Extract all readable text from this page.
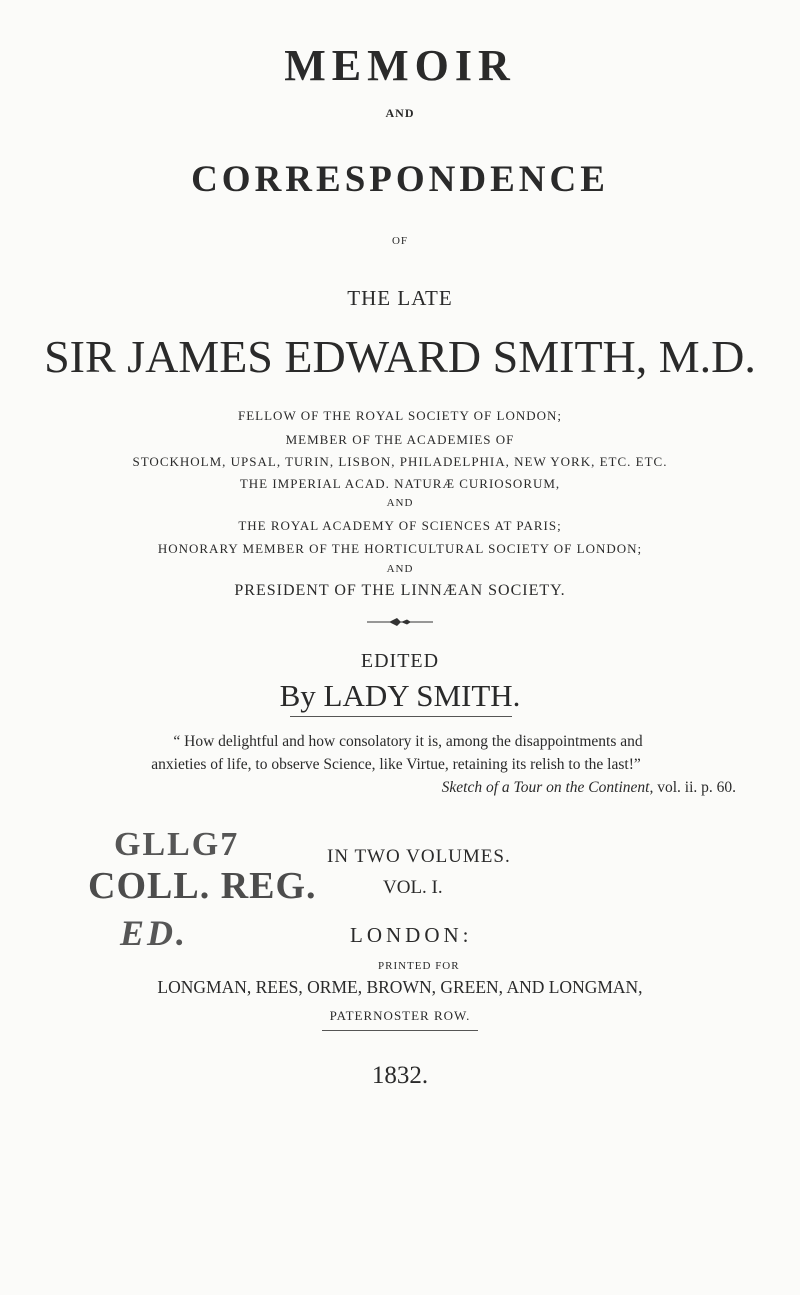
MEMOIR
AND
CORRESPONDENCE
OF
THE LATE
SIR JAMES EDWARD SMITH, M.D.
FELLOW OF THE ROYAL SOCIETY OF LONDON;
MEMBER OF THE ACADEMIES OF
STOCKHOLM, UPSAL, TURIN, LISBON, PHILADELPHIA, NEW YORK, ETC. ETC.
THE IMPERIAL ACAD. NATURÆ CURIOSORUM,
AND
THE ROYAL ACADEMY OF SCIENCES AT PARIS;
HONORARY MEMBER OF THE HORTICULTURAL SOCIETY OF LONDON;
AND
PRESIDENT OF THE LINNÆAN SOCIETY.
EDITED
By LADY SMITH.
“ How delightful and how consolatory it is, among the disappointments and
anxieties of life, to observe Science, like Virtue, retaining its relish to the last!”
Sketch of a Tour on the Continent, vol. ii. p. 60.
GLLG7
COLL. REG.
ED.
IN TWO VOLUMES.
VOL. I.
LONDON:
PRINTED FOR
LONGMAN, REES, ORME, BROWN, GREEN, AND LONGMAN,
PATERNOSTER ROW.
1832.
